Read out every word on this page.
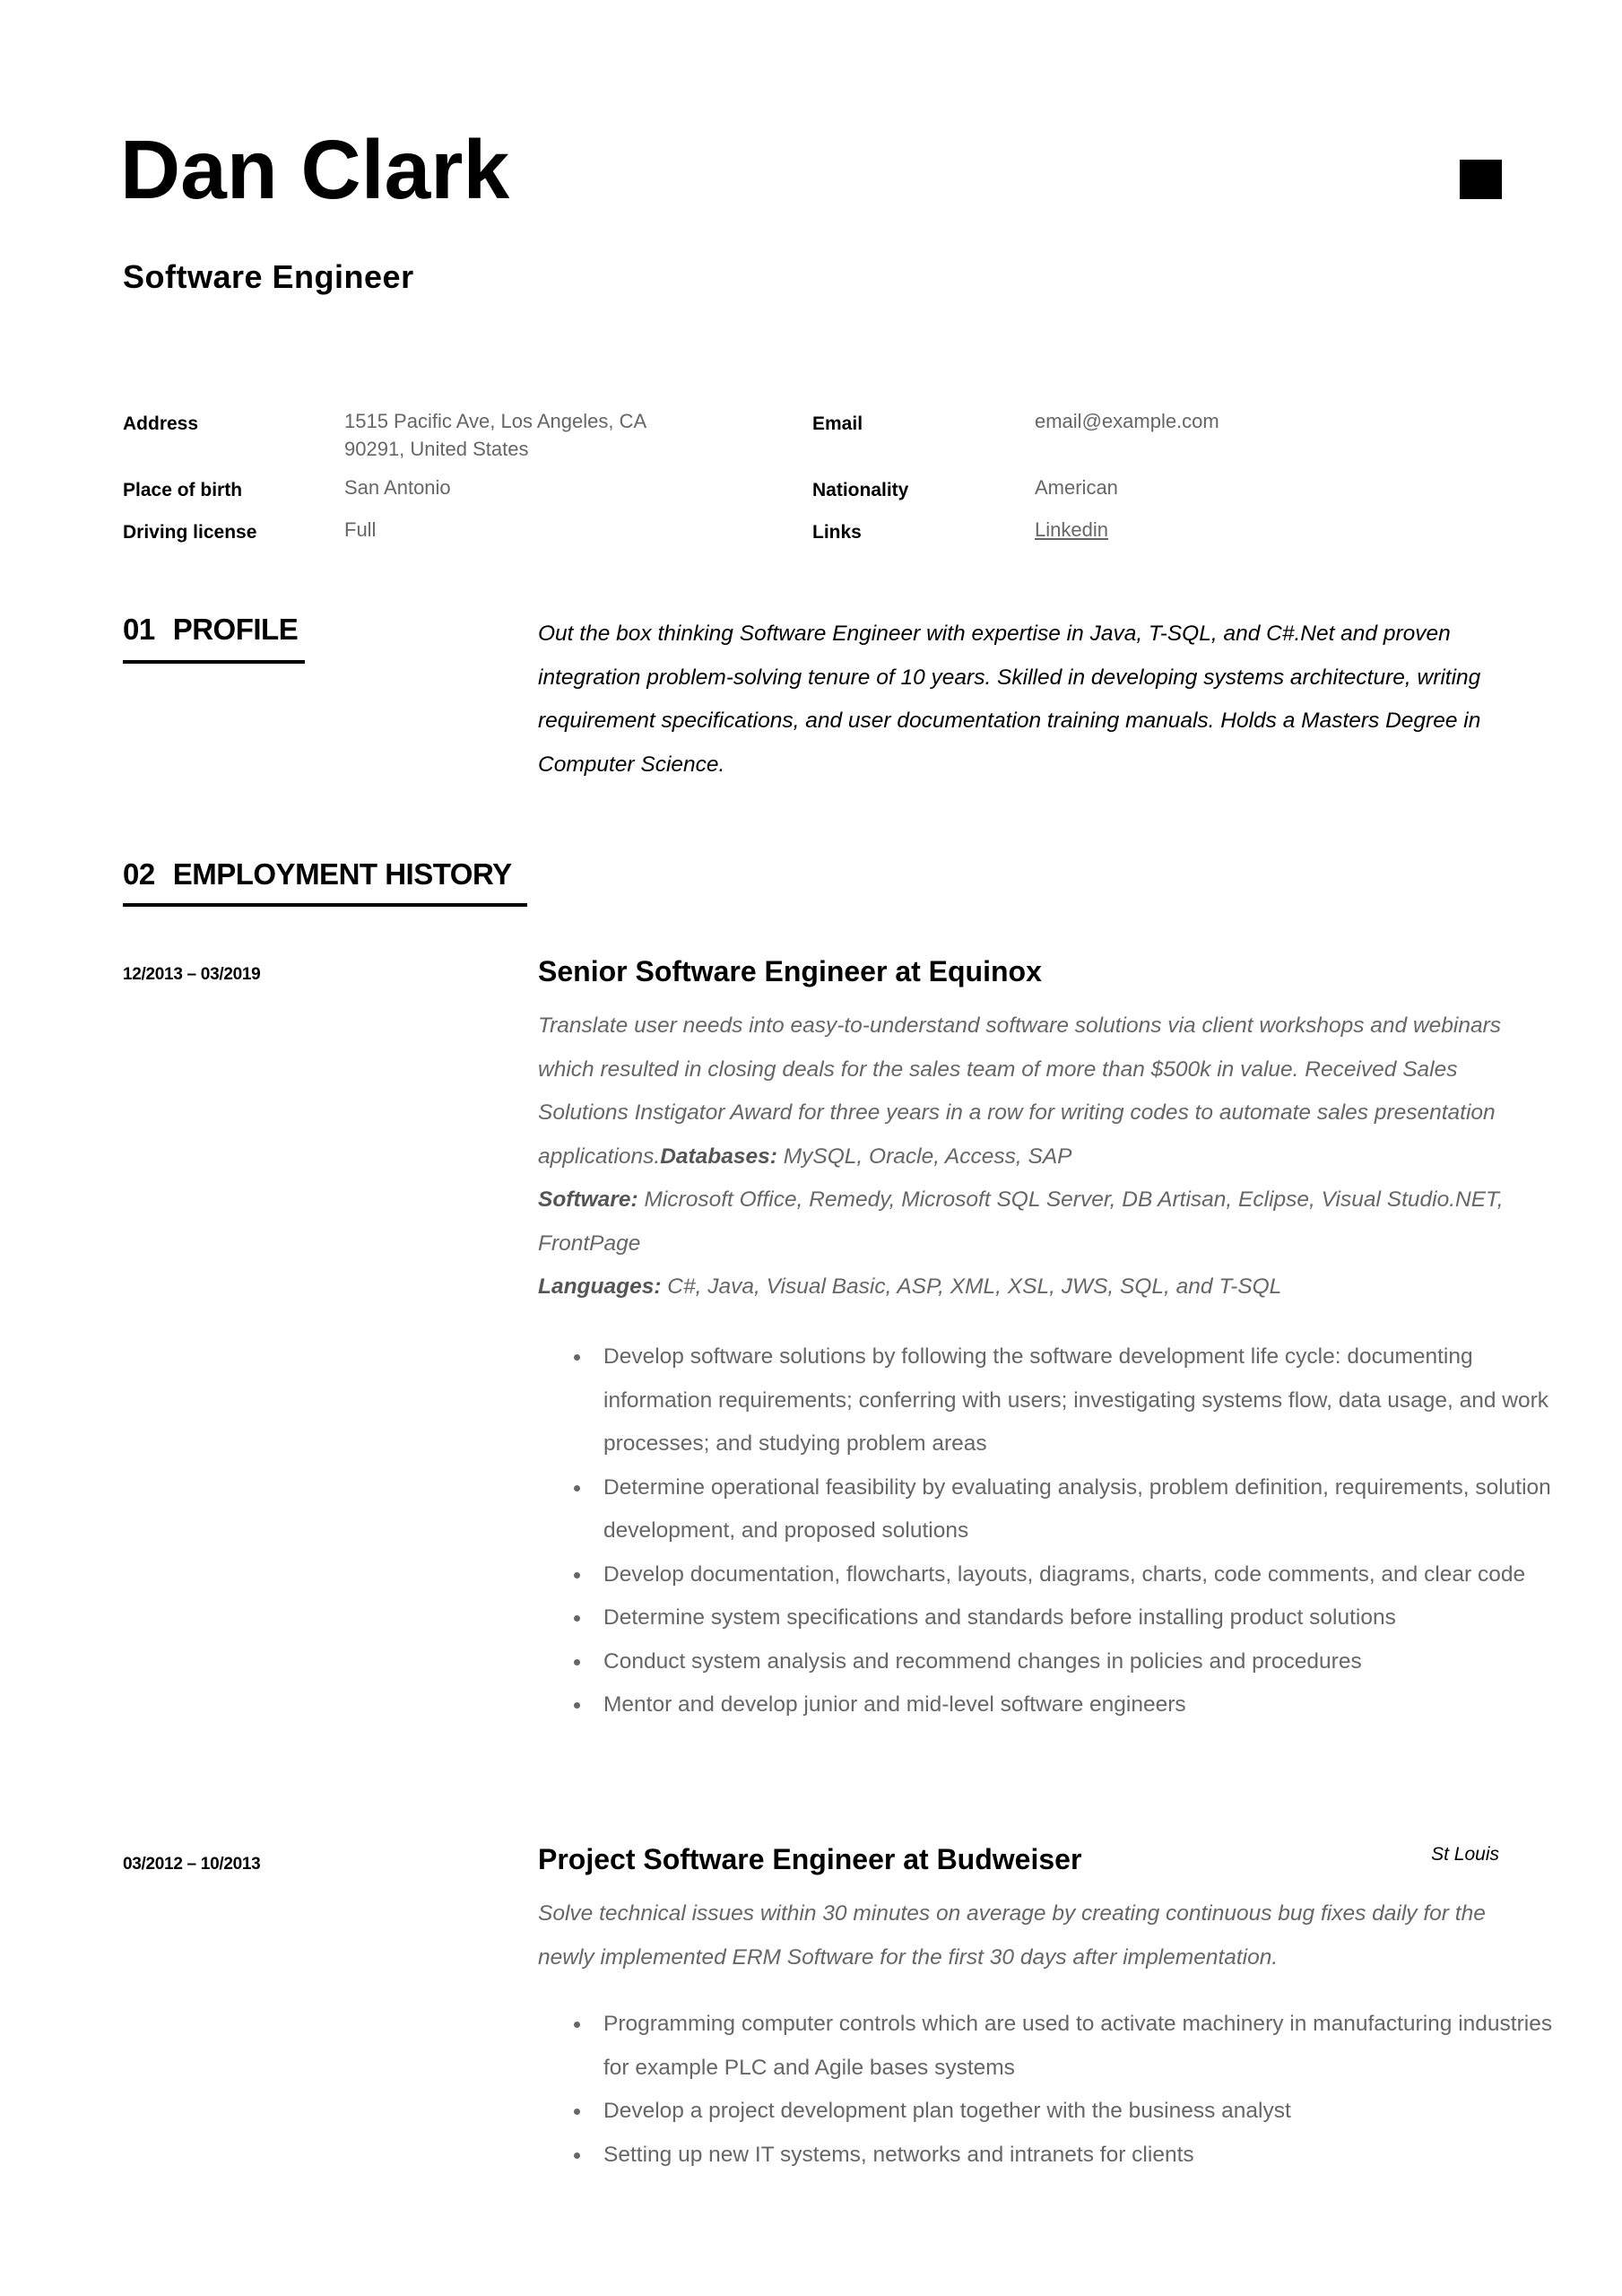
Dan Clark
Software Engineer
Address	1515 Pacific Ave, Los Angeles, CA
90291, United States
Email	email@example.com
Place of birth	San Antonio	Nationality	American
Driving license	Full	Links	Linkedin
01 PROFILE	Out the box thinking Software Engineer with expertise in Java, T-SQL, and C#.Net and proven integration problem-solving tenure of 10 years. Skilled in developing systems architecture, writing requirement specifications, and user documentation training manuals. Holds a Masters Degree in Computer Science.
02 EMPLOYMENT HISTORY
12/2013 – 03/2019	Senior Software Engineer at Equinox
Translate user needs into easy-to-understand software solutions via client workshops and webinars which resulted in closing deals for the sales team of more than $500k in value. Received Sales Solutions Instigator Award for three years in a row for writing codes to automate sales presentation applications.Databases: MySQL, Oracle, Access, SAP
Software: Microsoft Office, Remedy, Microsoft SQL Server, DB Artisan, Eclipse, Visual Studio.NET, FrontPage
Languages: C#, Java, Visual Basic, ASP, XML, XSL, JWS, SQL, and T-SQL
Develop software solutions by following the software development life cycle: documenting information requirements; conferring with users; investigating systems flow, data usage, and work processes; and studying problem areas
Determine operational feasibility by evaluating analysis, problem definition, requirements, solution development, and proposed solutions
Develop documentation, flowcharts, layouts, diagrams, charts, code comments, and clear code
Determine system specifications and standards before installing product solutions
Conduct system analysis and recommend changes in policies and procedures
Mentor and develop junior and mid-level software engineers
03/2012 – 10/2013	Project Software Engineer at Budweiser	St Louis
Solve technical issues within 30 minutes on average by creating continuous bug fixes daily for the newly implemented ERM Software for the first 30 days after implementation.
Programming computer controls which are used to activate machinery in manufacturing industries for example PLC and Agile bases systems
Develop a project development plan together with the business analyst
Setting up new IT systems, networks and intranets for clients
